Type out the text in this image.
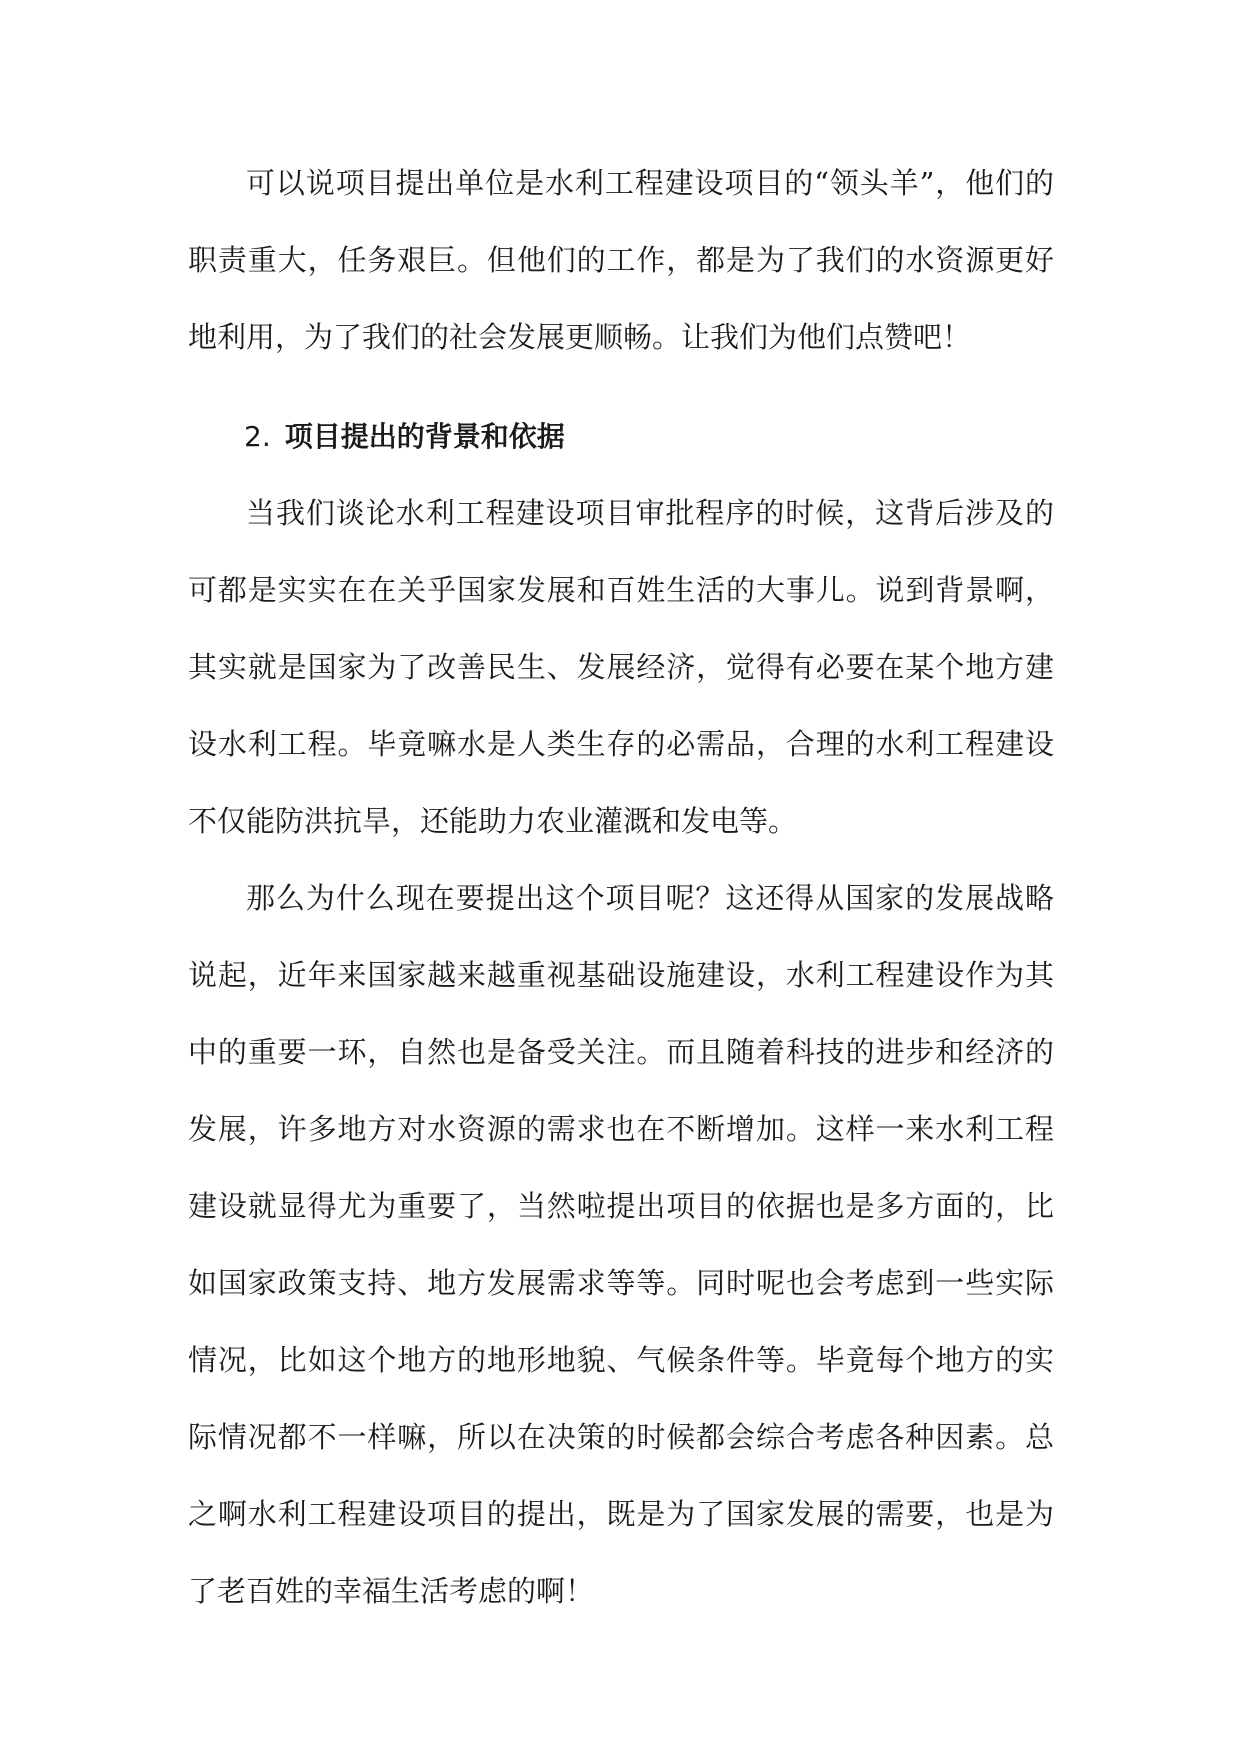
可以说项目提出单位是水利工程建设项目的“领头羊”，他们的职责重大，任务艰巨。但他们的工作，都是为了我们的水资源更好地利用，为了我们的社会发展更顺畅。让我们为他们点赞吧！

2. 项目提出的背景和依据

当我们谈论水利工程建设项目审批程序的时候，这背后涉及的可都是实实在在关乎国家发展和百姓生活的大事儿。说到背景啊，其实就是国家为了改善民生、发展经济，觉得有必要在某个地方建设水利工程。毕竟嘛水是人类生存的必需品，合理的水利工程建设不仅能防洪抗旱，还能助力农业灌溉和发电等。

那么为什么现在要提出这个项目呢？这还得从国家的发展战略说起，近年来国家越来越重视基础设施建设，水利工程建设作为其中的重要一环，自然也是备受关注。而且随着科技的进步和经济的发展，许多地方对水资源的需求也在不断增加。这样一来水利工程建设就显得尤为重要了，当然啦提出项目的依据也是多方面的，比如国家政策支持、地方发展需求等等。同时呢也会考虑到一些实际情况，比如这个地方的地形地貌、气候条件等。毕竟每个地方的实际情况都不一样嘛，所以在决策的时候都会综合考虑各种因素。总之啊水利工程建设项目的提出，既是为了国家发展的需要，也是为了老百姓的幸福生活考虑的啊！
